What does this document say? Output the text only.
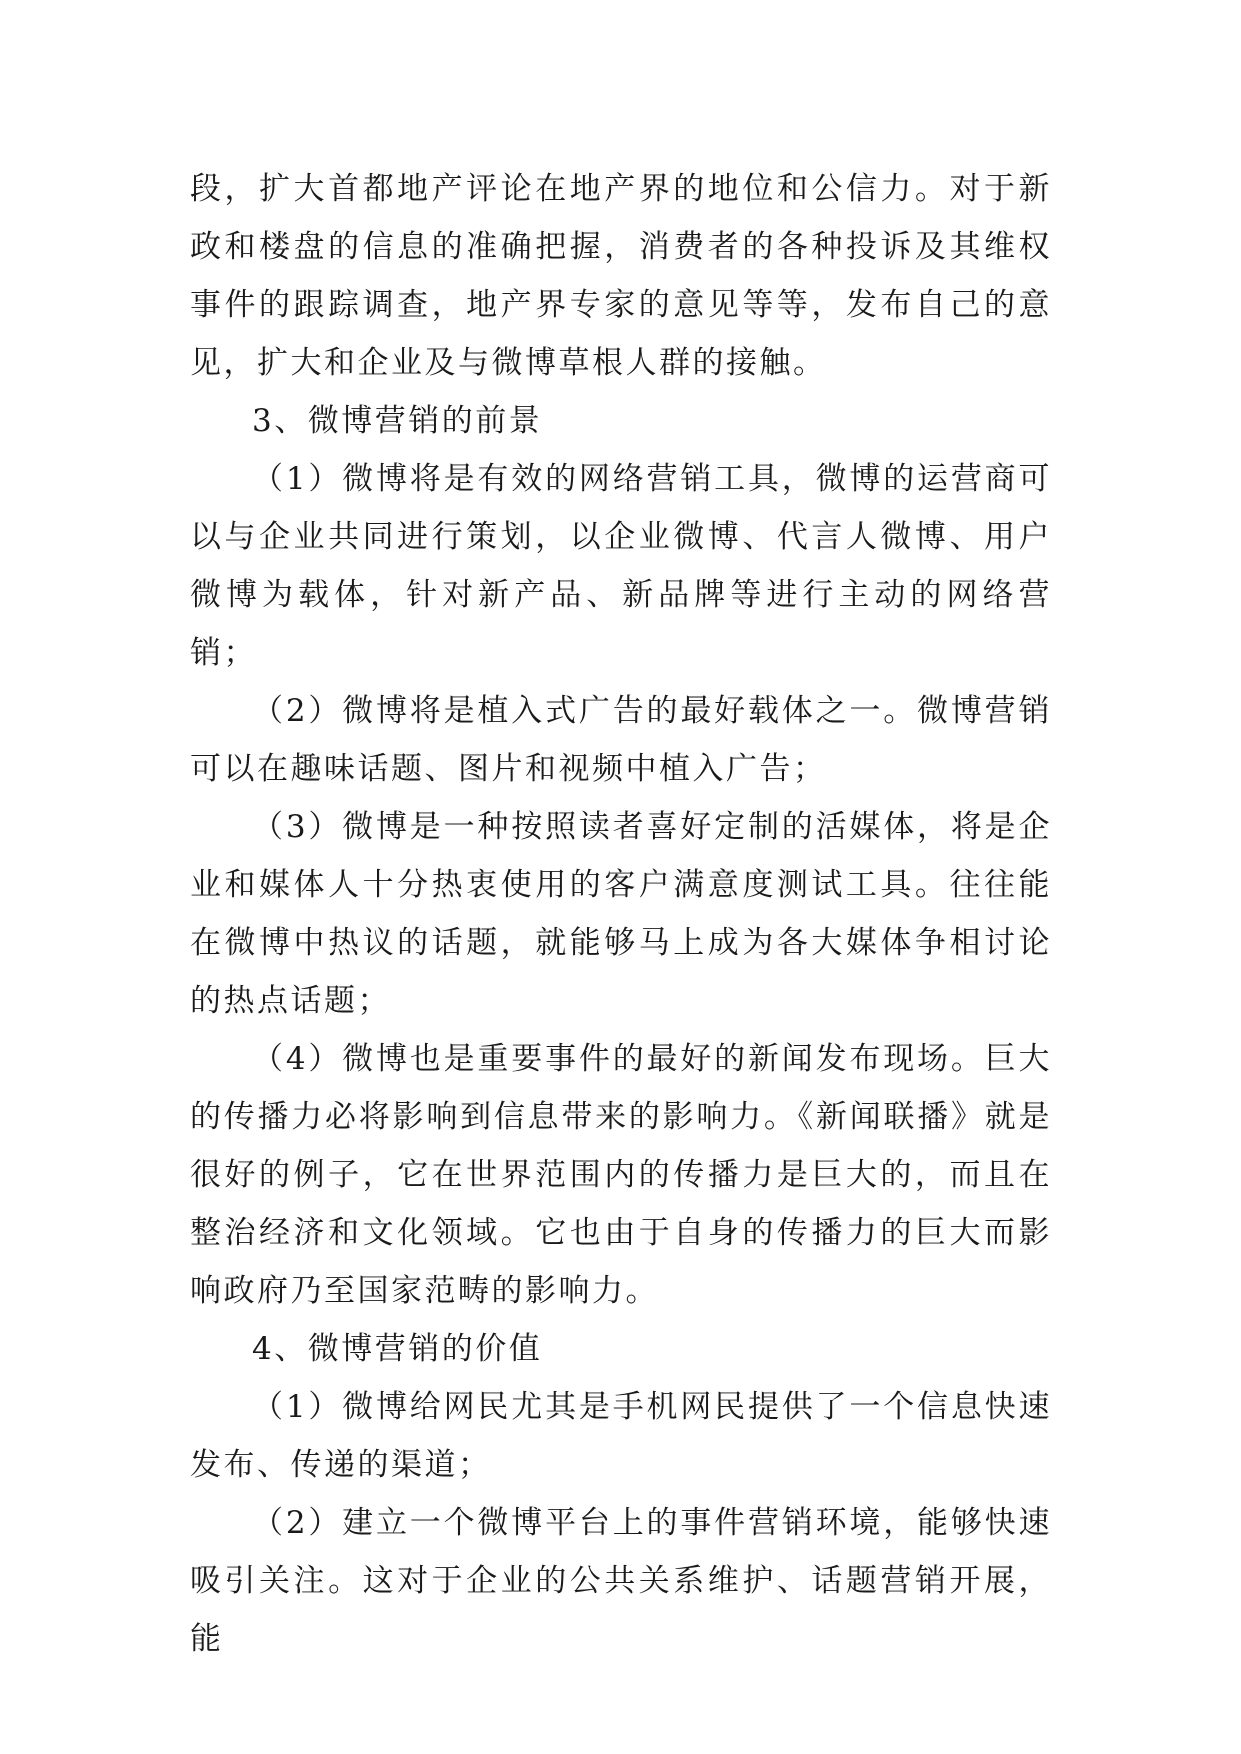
段，扩大首都地产评论在地产界的地位和公信力。对于新政和楼盘的信息的准确把握，消费者的各种投诉及其维权事件的跟踪调查，地产界专家的意见等等，发布自己的意见，扩大和企业及与微博草根人群的接触。

3、微博营销的前景

（1）微博将是有效的网络营销工具，微博的运营商可以与企业共同进行策划，以企业微博、代言人微博、用户微博为载体，针对新产品、新品牌等进行主动的网络营销；

（2）微博将是植入式广告的最好载体之一。微博营销可以在趣味话题、图片和视频中植入广告；

（3）微博是一种按照读者喜好定制的活媒体，将是企业和媒体人十分热衷使用的客户满意度测试工具。往往能在微博中热议的话题，就能够马上成为各大媒体争相讨论的热点话题；

（4）微博也是重要事件的最好的新闻发布现场。巨大的传播力必将影响到信息带来的影响力。《新闻联播》就是很好的例子，它在世界范围内的传播力是巨大的，而且在整治经济和文化领域。它也由于自身的传播力的巨大而影响政府乃至国家范畴的影响力。

4、微博营销的价值

（1）微博给网民尤其是手机网民提供了一个信息快速发布、传递的渠道；

（2）建立一个微博平台上的事件营销环境，能够快速吸引关注。这对于企业的公共关系维护、话题营销开展，能
